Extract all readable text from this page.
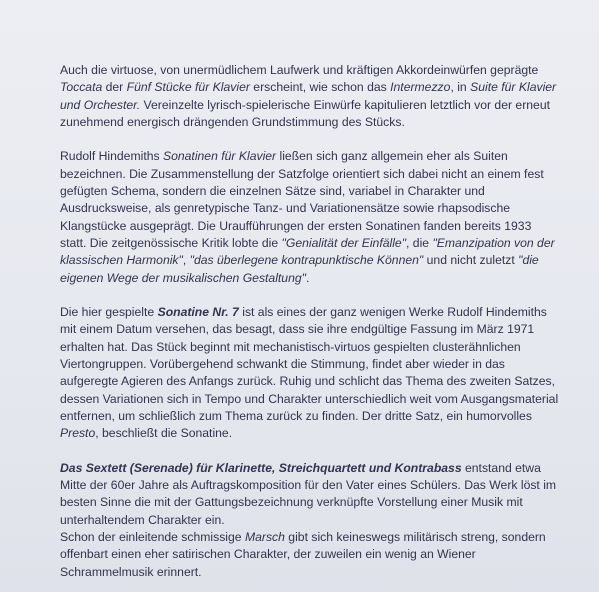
Auch die virtuose, von unermüdlichem Laufwerk und kräftigen Akkordeinwürfen geprägte Toccata der Fünf Stücke für Klavier erscheint, wie schon das Intermezzo, in Suite für Klavier und Orchester. Vereinzelte lyrisch-spielerische Einwürfe kapitulieren letztlich vor der erneut zunehmend energisch drängenden Grundstimmung des Stücks.

Rudolf Hindemiths Sonatinen für Klavier ließen sich ganz allgemein eher als Suiten bezeichnen. Die Zusammenstellung der Satzfolge orientiert sich dabei nicht an einem fest gefügten Schema, sondern die einzelnen Sätze sind, variabel in Charakter und Ausdrucksweise, als genretypische Tanz- und Variationensätze sowie rhapsodische Klangstücke ausgeprägt. Die Uraufführungen der ersten Sonatinen fanden bereits 1933 statt. Die zeitgenössische Kritik lobte die "Genialität der Einfälle", die "Emanzipation von der klassischen Harmonik", "das überlegene kontrapunktische Können" und nicht zuletzt "die eigenen Wege der musikalischen Gestaltung".

Die hier gespielte Sonatine Nr. 7 ist als eines der ganz wenigen Werke Rudolf Hindemiths mit einem Datum versehen, das besagt, dass sie ihre endgültige Fassung im März 1971 erhalten hat. Das Stück beginnt mit mechanistisch-virtuos gespielten clusterähnlichen Viertongruppen. Vorübergehend schwankt die Stimmung, findet aber wieder in das aufgeregte Agieren des Anfangs zurück. Ruhig und schlicht das Thema des zweiten Satzes, dessen Variationen sich in Tempo und Charakter unterschiedlich weit vom Ausgangsmaterial entfernen, um schließlich zum Thema zurück zu finden. Der dritte Satz, ein humorvolles Presto, beschließt die Sonatine.

Das Sextett (Serenade) für Klarinette, Streichquartett und Kontrabass entstand etwa Mitte der 60er Jahre als Auftragskomposition für den Vater eines Schülers. Das Werk löst im besten Sinne die mit der Gattungsbezeichnung verknüpfte Vorstellung einer Musik mit unterhaltendem Charakter ein.

Schon der einleitende schmissige Marsch gibt sich keineswegs militärisch streng, sondern offenbart einen eher satirischen Charakter, der zuweilen ein wenig an Wiener Schrammelmusik erinnert.
